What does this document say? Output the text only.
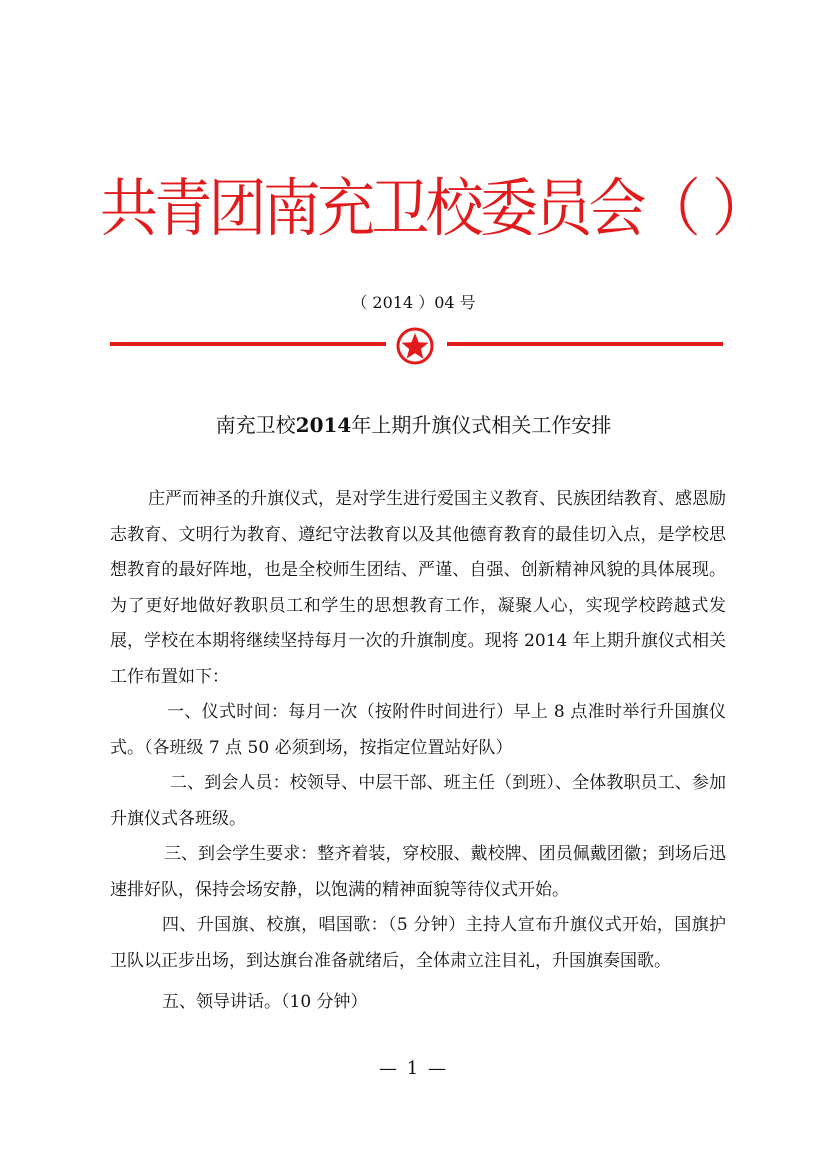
共青团南充卫校委员会（ ）
（ 2014 ）04 号
南充卫校2014年上期升旗仪式相关工作安排

庄严而神圣的升旗仪式，是对学生进行爱国主义教育、民族团结教育、感恩励志教育、文明行为教育、遵纪守法教育以及其他德育教育的最佳切入点，是学校思想教育的最好阵地，也是全校师生团结、严谨、自强、创新精神风貌的具体展现。为了更好地做好教职员工和学生的思想教育工作，凝聚人心，实现学校跨越式发展，学校在本期将继续坚持每月一次的升旗制度。现将 2014 年上期升旗仪式相关工作布置如下：

一、仪式时间：每月一次（按附件时间进行）早上 8 点准时举行升国旗仪式。（各班级 7 点 50 必须到场，按指定位置站好队）

二、到会人员：校领导、中层干部、班主任（到班）、全体教职员工、参加升旗仪式各班级。

三、到会学生要求：整齐着装，穿校服、戴校牌、团员佩戴团徽；到场后迅速排好队，保持会场安静，以饱满的精神面貌等待仪式开始。

四、升国旗、校旗，唱国歌：（5 分钟）主持人宣布升旗仪式开始，国旗护卫队以正步出场，到达旗台准备就绪后，全体肃立注目礼，升国旗奏国歌。

五、领导讲话。（10 分钟）

— 1 —
